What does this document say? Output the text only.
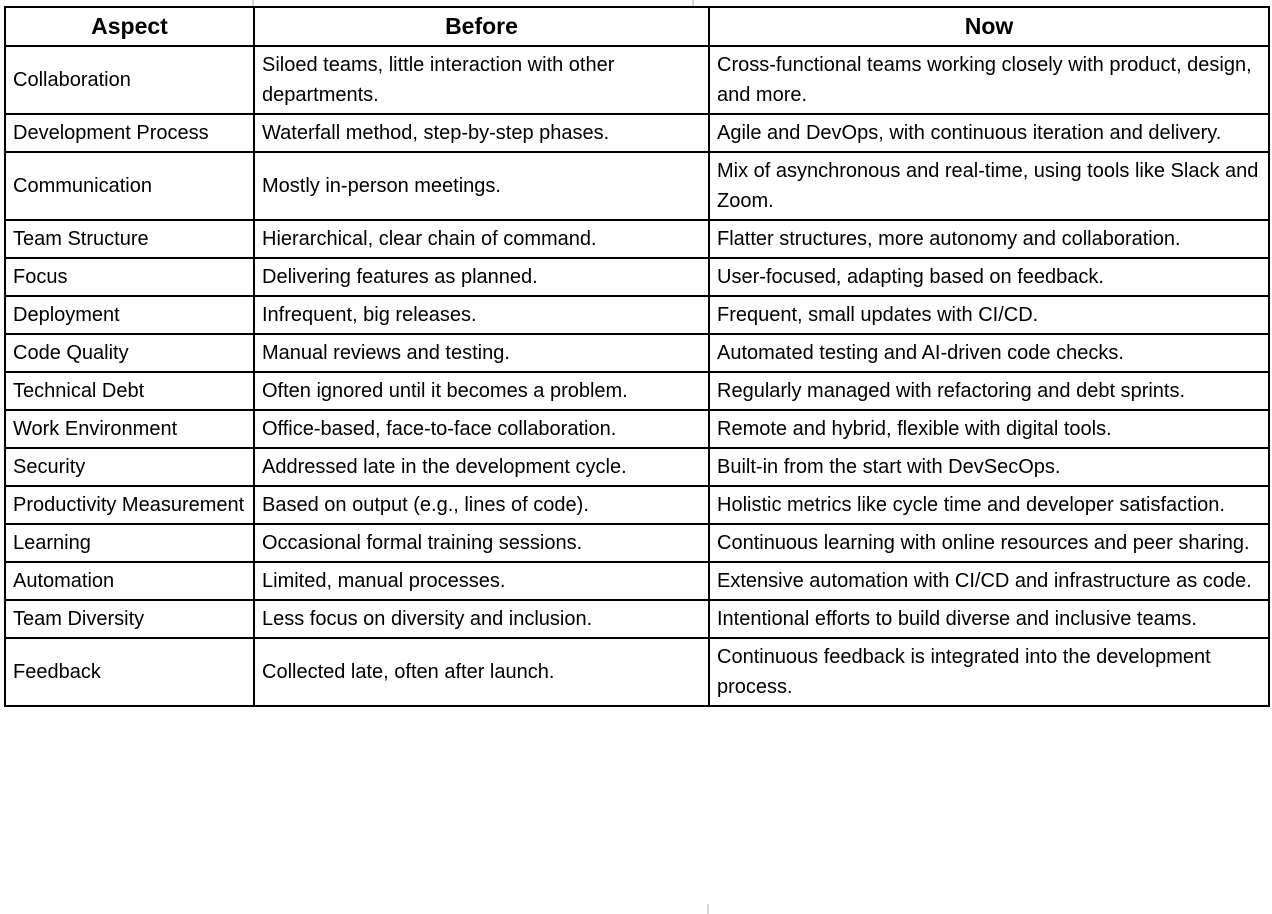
Aspect	Before	Now
Collaboration	Siloed teams, little interaction with other departments.	Cross-functional teams working closely with product, design, and more.
Development Process	Waterfall method, step-by-step phases.	Agile and DevOps, with continuous iteration and delivery.
Communication	Mostly in-person meetings.	Mix of asynchronous and real-time, using tools like Slack and Zoom.
Team Structure	Hierarchical, clear chain of command.	Flatter structures, more autonomy and collaboration.
Focus	Delivering features as planned.	User-focused, adapting based on feedback.
Deployment	Infrequent, big releases.	Frequent, small updates with CI/CD.
Code Quality	Manual reviews and testing.	Automated testing and AI-driven code checks.
Technical Debt	Often ignored until it becomes a problem.	Regularly managed with refactoring and debt sprints.
Work Environment	Office-based, face-to-face collaboration.	Remote and hybrid, flexible with digital tools.
Security	Addressed late in the development cycle.	Built-in from the start with DevSecOps.
Productivity Measurement	Based on output (e.g., lines of code).	Holistic metrics like cycle time and developer satisfaction.
Learning	Occasional formal training sessions.	Continuous learning with online resources and peer sharing.
Automation	Limited, manual processes.	Extensive automation with CI/CD and infrastructure as code.
Team Diversity	Less focus on diversity and inclusion.	Intentional efforts to build diverse and inclusive teams.
Feedback	Collected late, often after launch.	Continuous feedback is integrated into the development process.
